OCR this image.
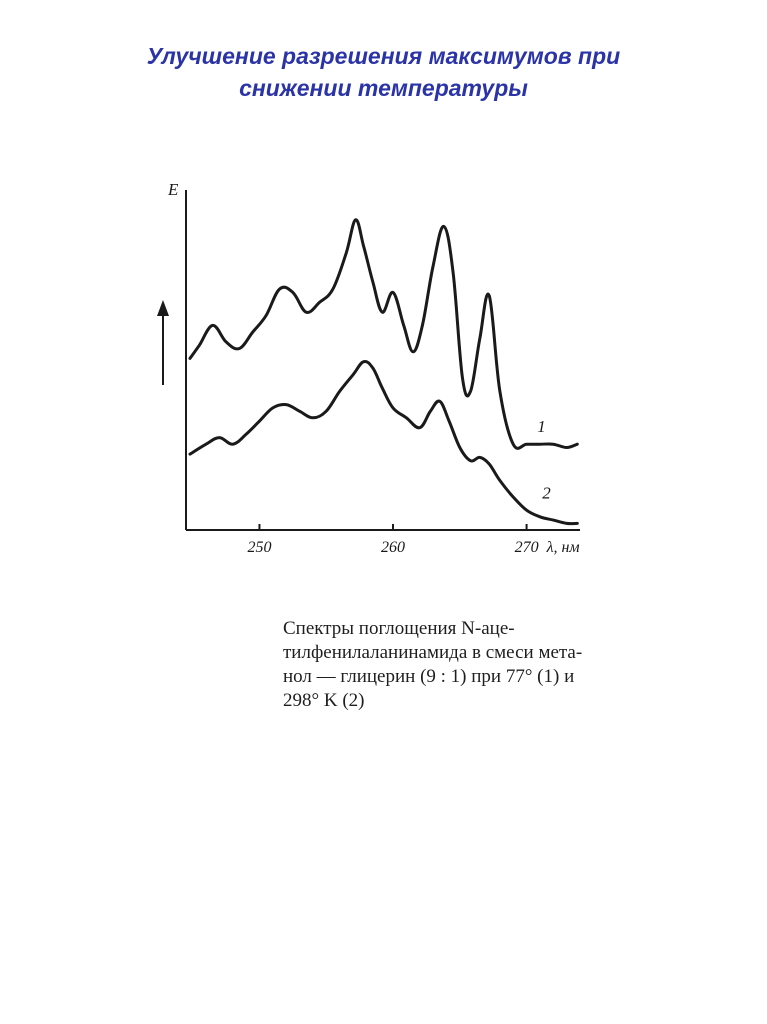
Улучшение разрешения максимумов при
снижении температуры
E
250	260	270 λ, нм
1
2

Спектры поглощения N-аце-

тилфенилаланинамида в смеси мета-

нол — глицерин (9 : 1) при 77° (1) и

298° K (2)
